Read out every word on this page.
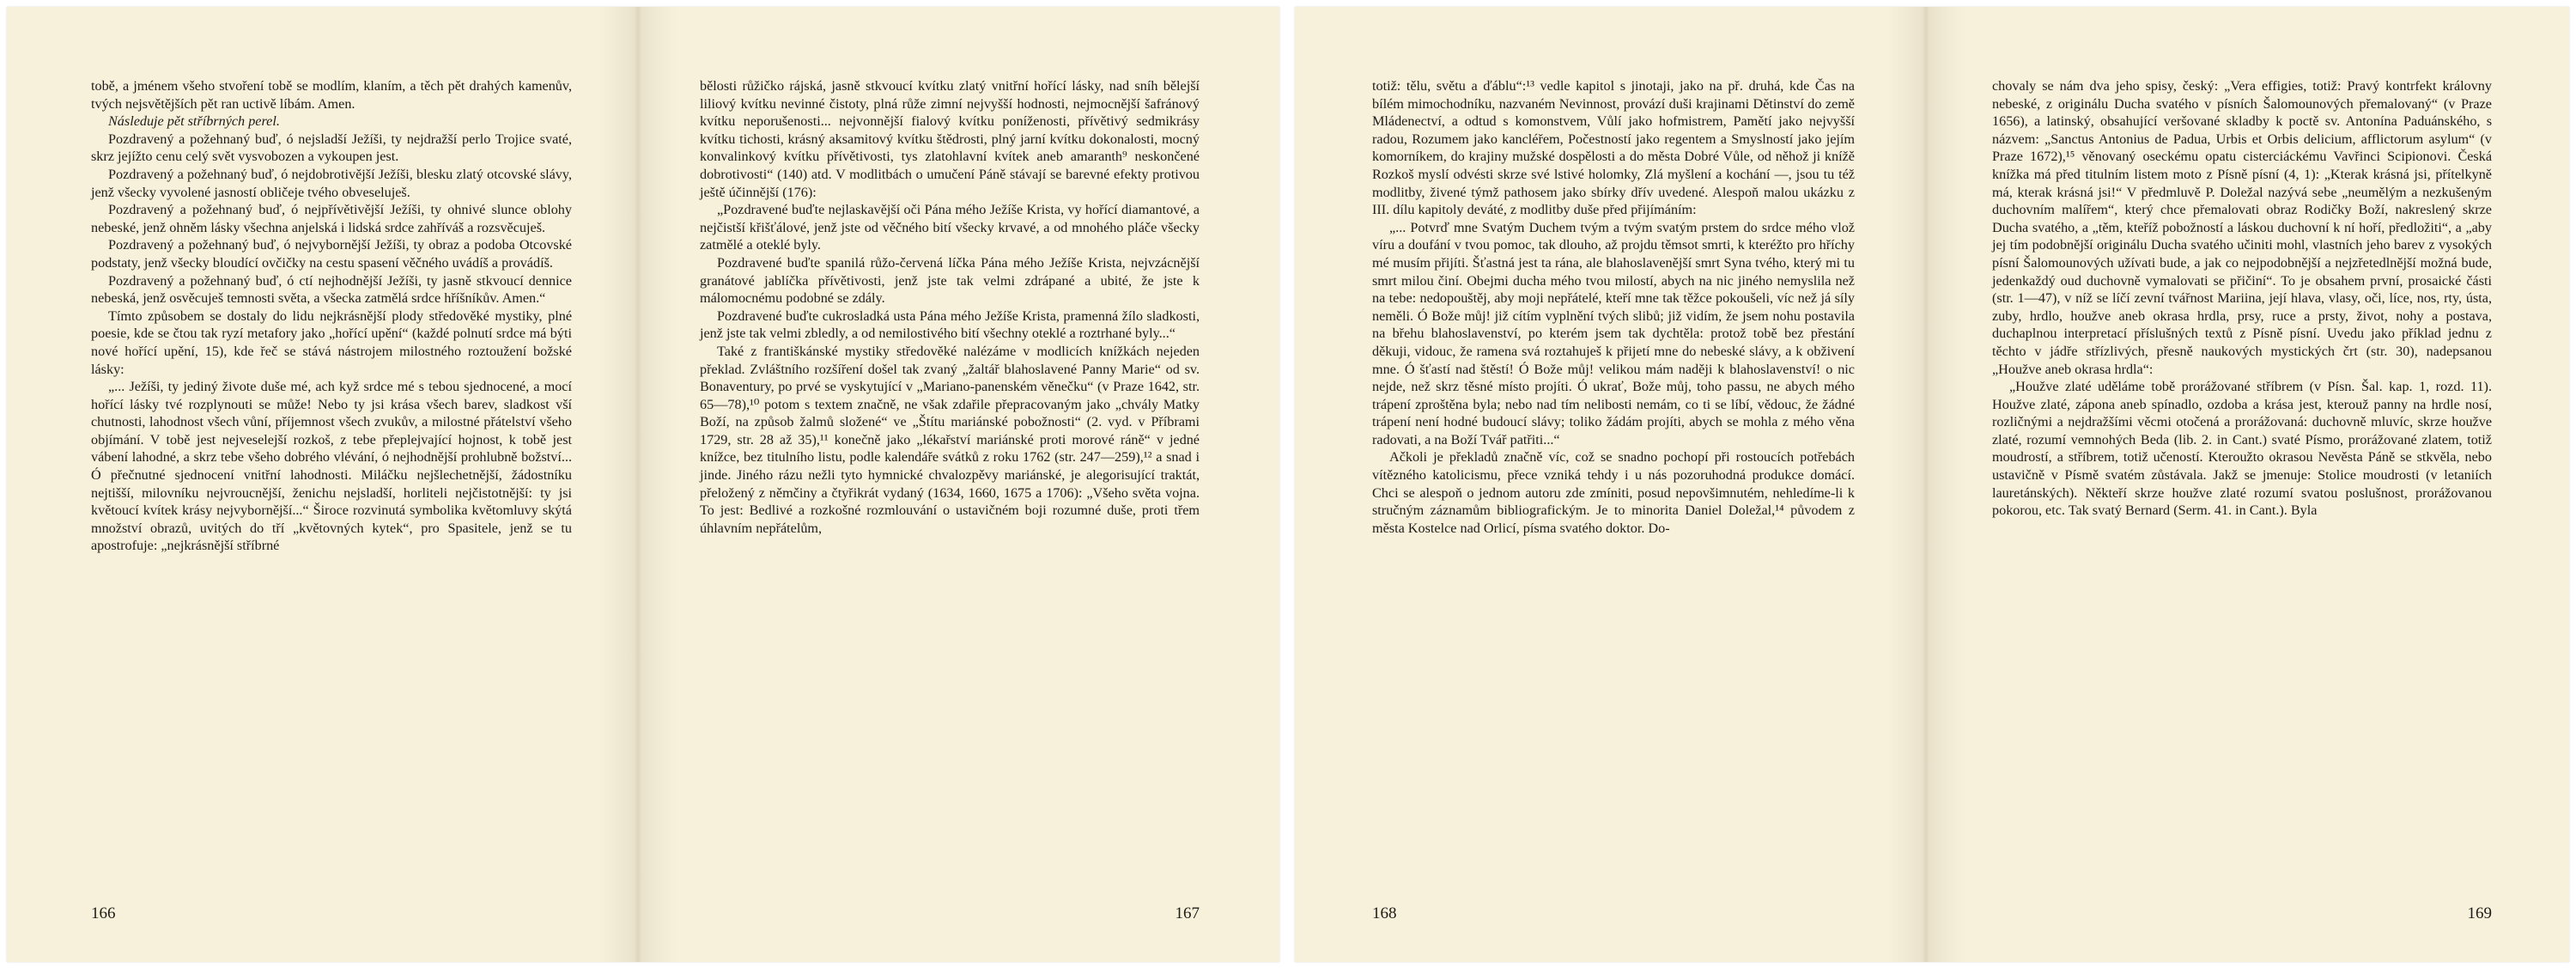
tobě, a jménem všeho stvoření tobě se modlím, klaním, a těch pět drahých kamenův, tvých nejsvětějších pět ran uctivě líbám. Amen.

Následuje pět stříbrných perel.

Pozdravený a požehnaný buď, ó nejsladší Ježíši, ty nejdražší perlo Trojice svaté, skrz jejížto cenu celý svět vysvobozen a vykoupen jest.

Pozdravený a požehnaný buď, ó nejdobrotivější Ježíši, blesku zlatý otcovské slávy, jenž všecky vyvolené jasností obličeje tvého obveseluješ.

Pozdravený a požehnaný buď, ó nejpřívětivější Ježíši, ty ohnivé slunce oblohy nebeské, jenž ohněm lásky všechna anjelská i lidská srdce zahříváš a rozsvěcuješ.

Pozdravený a požehnaný buď, ó nejvybornější Ježíši, ty obraz a podoba Otcovské podstaty, jenž všecky bloudící ovčičky na cestu spasení věčného uvádíš a provádíš.

Pozdravený a požehnaný buď, ó ctí nejhodnější Ježíši, ty jasně stkvoucí dennice nebeská, jenž osvěcuješ temnosti světa, a všecka zatmělá srdce hříšníkův. Amen.“

Tímto způsobem se dostaly do lidu nejkrásnější plody středověké mystiky, plné poesie, kde se čtou tak ryzí metafory jako „hořící upění“ (každé polnutí srdce má býti nové hořící upění, 15), kde řeč se stává nástrojem milostného roztoužení božské lásky:

„... Ježíši, ty jediný živote duše mé, ach kyž srdce mé s tebou sjednocené, a mocí hořící lásky tvé rozplynouti se může! Nebo ty jsi krása všech barev, sladkost vší chutnosti, lahodnost všech vůní, příjemnost všech zvukův, a milostné přátelství všeho objímání. V tobě jest nejveselejší rozkoš, z tebe přeplejvající hojnost, k tobě jest vábení lahodné, a skrz tebe všeho dobrého vlévání, ó nejhodnější prohlubně božství... Ó přečnutné sjednocení vnitřní lahodnosti. Miláčku nejšlechetnější, žádostníku nejtišší, milovníku nejvroucnější, ženichu nejsladší, horliteli nejčistotnější: ty jsi květoucí kvítek krásy nejvybornější...“ Široce rozvinutá symbolika květomluvy skýtá množství obrazů, uvitých do tří „květovných kytek“, pro Spasitele, jenž se tu apostrofuje: „nejkrásnější stříbrné

166

bělosti růžičko rájská, jasně stkvoucí kvítku zlatý vnitřní hořící lásky, nad sníh bělejší liliový kvítku nevinné čistoty, plná růže zimní nejvyšší hodnosti, nejmocnější šafránový kvítku neporušenosti... nejvonnější fialový kvítku poníženosti, přívětivý sedmikrásy kvítku tichosti, krásný aksamitový kvítku štědrosti, plný jarní kvítku dokonalosti, mocný konvalinkový kvítku přívětivosti, tys zlatohlavní kvítek aneb amaranth⁹ neskončené dobrotivosti“ (140) atd. V modlitbách o umučení Páně stávají se barevné efekty protivou ještě účinnější (176):

„Pozdravené buďte nejlaskavější oči Pána mého Ježíše Krista, vy hořící diamantové, a nejčistší křišťálové, jenž jste od věčného bití všecky krvavé, a od mnohého pláče všecky zatmělé a oteklé byly.

Pozdravené buďte spanilá růžo-červená líčka Pána mého Ježíše Krista, nejvzácnější granátové jablíčka přívětivosti, jenž jste tak velmi zdrápané a ubité, že jste k málomocnému podobné se zdály.

Pozdravené buďte cukrosladká usta Pána mého Ježíše Krista, pramenná žílo sladkosti, jenž jste tak velmi zbledly, a od nemilostivého bití všechny oteklé a roztrhané byly...“

Také z františkánské mystiky středověké nalézáme v modlicích knížkách nejeden překlad. Zvláštního rozšíření došel tak zvaný „žaltář blahoslavené Panny Marie“ od sv. Bonaventury, po prvé se vyskytující v „Mariano-panenském věnečku“ (v Praze 1642, str. 65—78),¹⁰ potom s textem značně, ne však zdařile přepracovaným jako „chvály Matky Boží, na způsob žalmů složené“ ve „Štítu mariánské pobožnosti“ (2. vyd. v Příbrami 1729, str. 28 až 35),¹¹ konečně jako „lékařství mariánské proti morové ráně“ v jedné knížce, bez titulního listu, podle kalendáře svátků z roku 1762 (str. 247—259),¹² a snad i jinde. Jiného rázu nežli tyto hymnické chvalozpěvy mariánské, je alegorisující traktát, přeložený z němčiny a čtyřikrát vydaný (1634, 1660, 1675 a 1706): „Všeho světa vojna. To jest: Bedlivé a rozkošné rozmlouvání o ustavičném boji rozumné duše, proti třem úhlavním nepřátelům,

167

totiž: tělu, světu a ďáblu“:¹³ vedle kapitol s jinotaji, jako na př. druhá, kde Čas na bílém mimochodníku, nazvaném Nevinnost, provází duši krajinami Dětinství do země Mládenectví, a odtud s komonstvem, Vůlí jako hofmistrem, Pamětí jako nejvyšší radou, Rozumem jako kancléřem, Počestností jako regentem a Smyslností jako jejím komorníkem, do krajiny mužské dospělosti a do města Dobré Vůle, od něhož ji knížě Rozkoš myslí odvésti skrze své lstivé holomky, Zlá myšlení a kochání —, jsou tu též modlitby, živené týmž pathosem jako sbírky dřív uvedené. Alespoň malou ukázku z III. dílu kapitoly deváté, z modlitby duše před přijímáním:

„... Potvrď mne Svatým Duchem tvým a tvým svatým prstem do srdce mého vlož víru a doufání v tvou pomoc, tak dlouho, až projdu těmsot smrti, k kteréžto pro hříchy mé musím přijíti. Šťastná jest ta rána, ale blahoslavenější smrt Syna tvého, který mi tu smrt milou činí. Obejmi ducha mého tvou milostí, abych na nic jiného nemyslila než na tebe: nedopouštěj, aby moji nepřátelé, kteří mne tak těžce pokoušeli, víc než já síly neměli. Ó Bože můj! již cítím vyplnění tvých slibů; již vidím, že jsem nohu postavila na břehu blahoslavenství, po kterém jsem tak dychtěla: protož tobě bez přestání děkuji, vidouc, že ramena svá roztahuješ k přijetí mne do nebeské slávy, a k obživení mne. Ó šťastí nad štěstí! Ó Bože můj! velikou mám naději k blahoslavenství! o nic nejde, než skrz těsné místo projíti. Ó ukrať, Bože můj, toho passu, ne abych mého trápení zproštěna byla; nebo nad tím nelibosti nemám, co ti se líbí, vědouc, že žádné trápení není hodné budoucí slávy; toliko žádám projíti, abych se mohla z mého věna radovati, a na Boží Tvář patřiti...“

Ačkoli je překladů značně víc, což se snadno pochopí při rostoucích potřebách vítězného katolicismu, přece vzniká tehdy i u nás pozoruhodná produkce domácí. Chci se alespoň o jednom autoru zde zmíniti, posud nepovšimnutém, nehledíme-li k stručným záznamům bibliografickým. Je to minorita Daniel Doležal,¹⁴ původem z města Kostelce nad Orlicí, písma svatého doktor. Do-

168

chovaly se nám dva jeho spisy, český: „Vera effigies, totiž: Pravý kontrfekt královny nebeské, z originálu Ducha svatého v písních Šalomounových přemalovaný“ (v Praze 1656), a latinský, obsahující veršované skladby k poctě sv. Antonína Paduánského, s názvem: „Sanctus Antonius de Padua, Urbis et Orbis delicium, afflictorum asylum“ (v Praze 1672),¹⁵ věnovaný oseckému opatu cisterciáckému Vavřinci Scipionovi. Česká knížka má před titulním listem moto z Písně písní (4, 1): „Kterak krásná jsi, přítelkyně má, kterak krásná jsi!“ V předmluvě P. Doležal nazývá sebe „neumělým a nezkušeným duchovním malířem“, který chce přemalovati obraz Rodičky Boží, nakreslený skrze Ducha svatého, a „těm, kteříž pobožností a láskou duchovní k ní hoří, předložiti“, a „aby jej tím podobnější originálu Ducha svatého učiniti mohl, vlastních jeho barev z vysokých písní Šalomounových užívati bude, a jak co nejpodobnější a nejzřetedlnější možná bude, jedenkaždý oud duchovně vymalovati se přičiní“. To je obsahem první, prosaické části (str. 1—47), v níž se líčí zevní tvářnost Mariina, její hlava, vlasy, oči, líce, nos, rty, ústa, zuby, hrdlo, houžve aneb okrasa hrdla, prsy, ruce a prsty, život, nohy a postava, duchaplnou interpretací příslušných textů z Písně písní. Uvedu jako příklad jednu z těchto v jádře střízlivých, přesně naukových mystických črt (str. 30), nadepsanou „Houžve aneb okrasa hrdla“:

„Houžve zlaté uděláme tobě prorážované stříbrem (v Písn. Šal. kap. 1, rozd. 11). Houžve zlaté, zápona aneb spínadlo, ozdoba a krása jest, kterouž panny na hrdle nosí, rozličnými a nejdražšími věcmi otočená a prorážovaná: duchovně mluvíc, skrze houžve zlaté, rozumí vemnohých Beda (lib. 2. in Cant.) svaté Písmo, prorážované zlatem, totiž moudrostí, a stříbrem, totiž učeností. Kteroužto okrasou Nevěsta Páně se stkvěla, nebo ustavičně v Písmě svatém zůstávala. Jakž se jmenuje: Stolice moudrosti (v letaniích lauretánských). Někteří skrze houžve zlaté rozumí svatou poslušnost, prorážovanou pokorou, etc. Tak svatý Bernard (Serm. 41. in Cant.). Byla

169
